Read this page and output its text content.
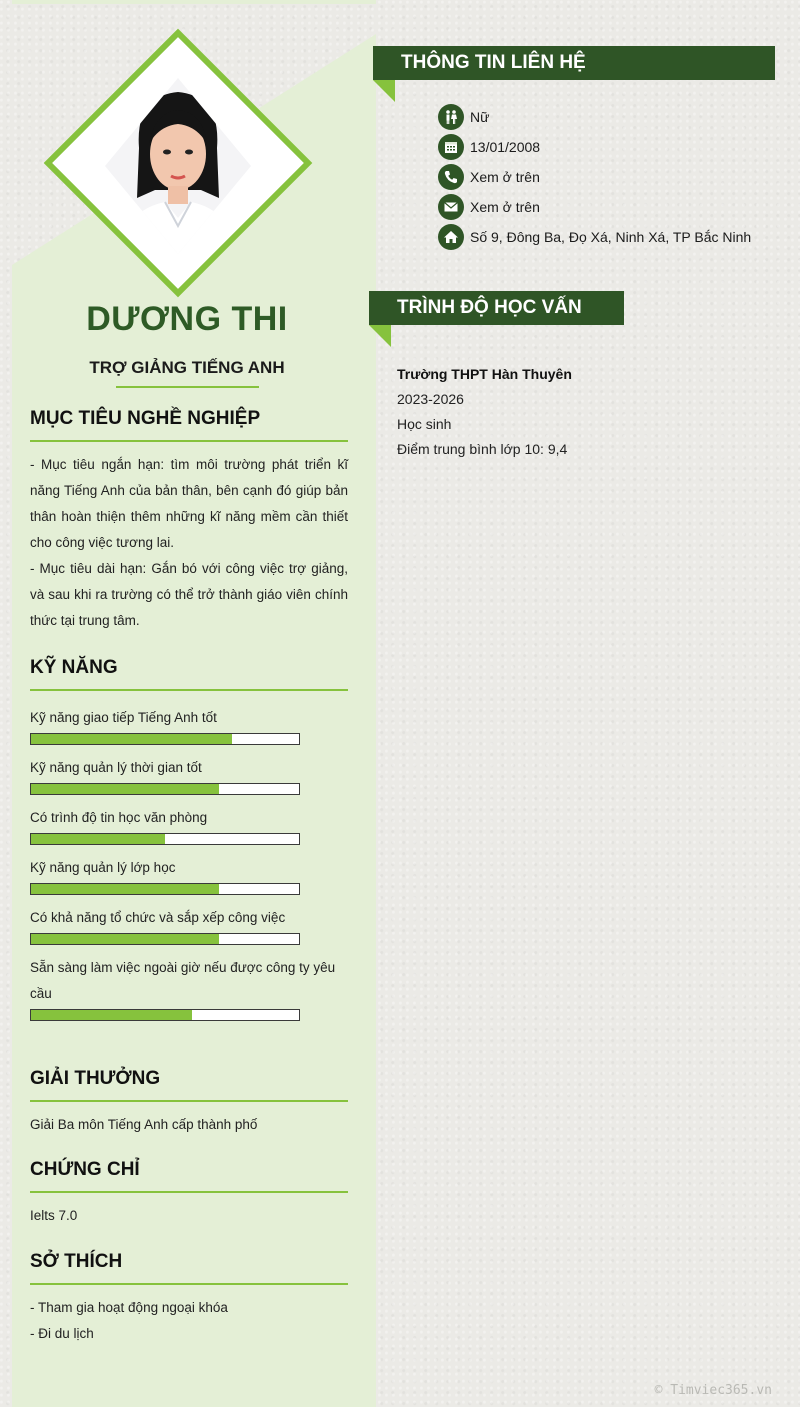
DƯƠNG THI
TRỢ GIẢNG TIẾNG ANH
MỤC TIÊU NGHỀ NGHIỆP
- Mục tiêu ngắn hạn: tìm môi trường phát triển kĩ năng Tiếng Anh của bản thân, bên cạnh đó giúp bản thân hoàn thiện thêm những kĩ năng mềm cần thiết cho công việc tương lai.
- Mục tiêu dài hạn: Gắn bó với công việc trợ giảng, và sau khi ra trường có thể trở thành giáo viên chính thức tại trung tâm.
KỸ NĂNG
Kỹ năng giao tiếp Tiếng Anh tốt
Kỹ năng quản lý thời gian tốt
Có trình độ tin học văn phòng
Kỹ năng quản lý lớp học
Có khả năng tổ chức và sắp xếp công việc
Sẵn sàng làm việc ngoài giờ nếu được công ty yêu cầu
GIẢI THƯỞNG
Giải Ba môn Tiếng Anh cấp thành phố
CHỨNG CHỈ
Ielts 7.0
SỞ THÍCH
- Tham gia hoạt động ngoại khóa
- Đi du lịch
THÔNG TIN LIÊN HỆ
Nữ
13/01/2008
Xem ở trên
Xem ở trên
Số 9, Đông Ba, Đọ Xá, Ninh Xá, TP Bắc Ninh
TRÌNH ĐỘ HỌC VẤN
Trường THPT Hàn Thuyên
2023-2026
Học sinh
Điểm trung bình lớp 10: 9,4
© Timviec365.vn
